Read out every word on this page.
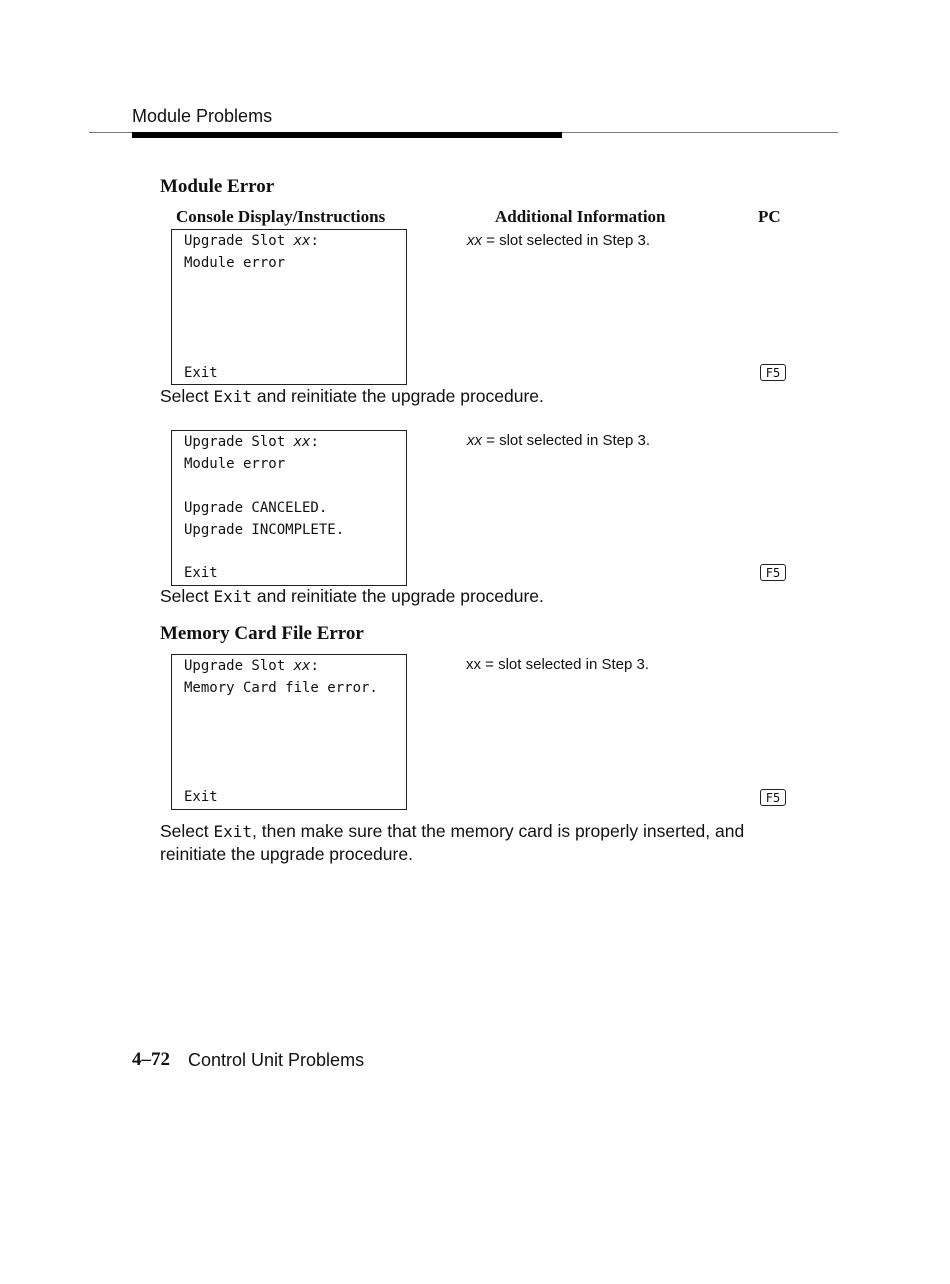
Module Problems
Module Error
Console Display/Instructions	Additional Information	PC
Upgrade Slot xx:
Module error
Exit
xx = slot selected in Step 3.
F5
Select Exit and reinitiate the upgrade procedure.
Upgrade Slot xx:
Module error
Upgrade CANCELED.
Upgrade INCOMPLETE.
Exit
xx = slot selected in Step 3.
F5
Select Exit and reinitiate the upgrade procedure.
Memory Card File Error
Upgrade Slot xx:
Memory Card file error.
Exit
xx = slot selected in Step 3.
F5
Select Exit, then make sure that the memory card is properly inserted, and
reinitiate the upgrade procedure.
4–72 Control Unit Problems
